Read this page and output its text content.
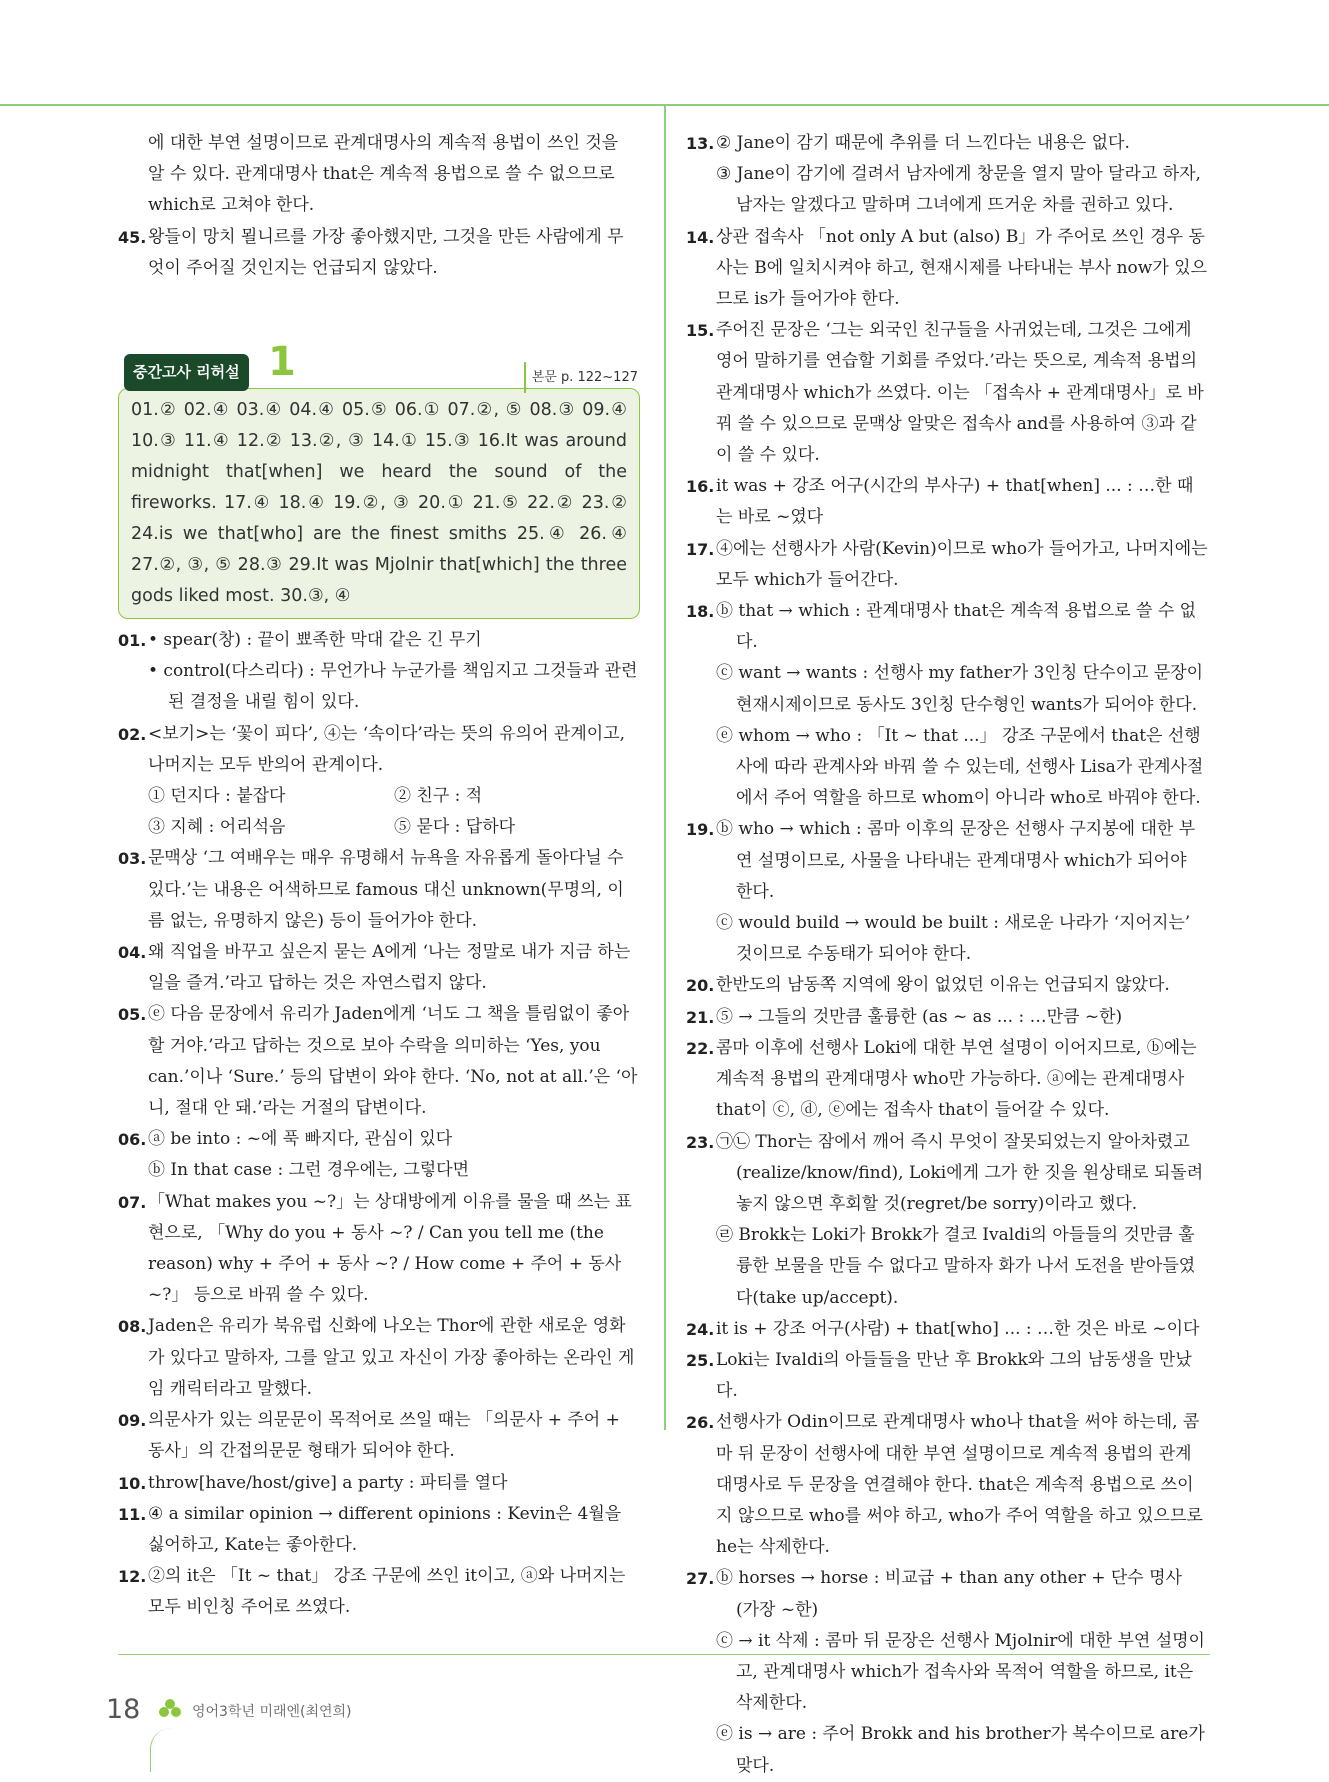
에 대한 부연 설명이므로 관계대명사의 계속적 용법이 쓰인 것을 알 수 있다. 관계대명사 that은 계속적 용법으로 쓸 수 없으므로 which로 고쳐야 한다.
45. 왕들이 망치 묄니르를 가장 좋아했지만, 그것을 만든 사람에게 무엇이 주어질 것인지는 언급되지 않았다.
중간고사 리허설 1	본문 p. 122~127
01.② 02.④ 03.④ 04.④ 05.⑤ 06.① 07.②, ⑤ 08.③ 09.④ 10.③ 11.④ 12.② 13.②, ③ 14.① 15.③ 16.It was around midnight that[when] we heard the sound of the fireworks. 17.④ 18.④ 19.②, ③ 20.① 21.⑤ 22.② 23.② 24.is we that[who] are the finest smiths 25.④ 26.④ 27.②, ③, ⑤ 28.③ 29.It was Mjolnir that[which] the three gods liked most. 30.③, ④
01. • spear(창) : 끝이 뾰족한 막대 같은 긴 무기
• control(다스리다) : 무언가나 누군가를 책임지고 그것들과 관련된 결정을 내릴 힘이 있다.
02. <보기>는 ‘꽃이 피다’, ④는 ‘속이다’라는 뜻의 유의어 관계이고, 나머지는 모두 반의어 관계이다.
① 던지다 : 붙잡다	② 친구 : 적
③ 지혜 : 어리석음	⑤ 묻다 : 답하다
03. 문맥상 ‘그 여배우는 매우 유명해서 뉴욕을 자유롭게 돌아다닐 수 있다.’는 내용은 어색하므로 famous 대신 unknown(무명의, 이름 없는, 유명하지 않은) 등이 들어가야 한다.
04. 왜 직업을 바꾸고 싶은지 묻는 A에게 ‘나는 정말로 내가 지금 하는 일을 즐겨.’라고 답하는 것은 자연스럽지 않다.
05. ⓔ 다음 문장에서 유리가 Jaden에게 ‘너도 그 책을 틀림없이 좋아할 거야.’라고 답하는 것으로 보아 수락을 의미하는 ‘Yes, you can.’이나 ‘Sure.’ 등의 답변이 와야 한다. ‘No, not at all.’은 ‘아니, 절대 안 돼.’라는 거절의 답변이다.
06. ⓐ be into : ~에 푹 빠지다, 관심이 있다
ⓑ In that case : 그런 경우에는, 그렇다면
07. 「What makes you ~?」는 상대방에게 이유를 물을 때 쓰는 표현으로, 「Why do you + 동사 ~? / Can you tell me (the reason) why + 주어 + 동사 ~? / How come + 주어 + 동사 ~?」 등으로 바꿔 쓸 수 있다.
08. Jaden은 유리가 북유럽 신화에 나오는 Thor에 관한 새로운 영화가 있다고 말하자, 그를 알고 있고 자신이 가장 좋아하는 온라인 게임 캐릭터라고 말했다.
09. 의문사가 있는 의문문이 목적어로 쓰일 때는 「의문사 + 주어 + 동사」의 간접의문문 형태가 되어야 한다.
10. throw[have/host/give] a party : 파티를 열다
11. ④ a similar opinion → different opinions : Kevin은 4월을 싫어하고, Kate는 좋아한다.
12. ②의 it은 「It ~ that」 강조 구문에 쓰인 it이고, ⓐ와 나머지는 모두 비인칭 주어로 쓰였다.
13. ② Jane이 감기 때문에 추위를 더 느낀다는 내용은 없다.
③ Jane이 감기에 걸려서 남자에게 창문을 열지 말아 달라고 하자, 남자는 알겠다고 말하며 그녀에게 뜨거운 차를 권하고 있다.
14. 상관 접속사 「not only A but (also) B」가 주어로 쓰인 경우 동사는 B에 일치시켜야 하고, 현재시제를 나타내는 부사 now가 있으므로 is가 들어가야 한다.
15. 주어진 문장은 ‘그는 외국인 친구들을 사귀었는데, 그것은 그에게 영어 말하기를 연습할 기회를 주었다.’라는 뜻으로, 계속적 용법의 관계대명사 which가 쓰였다. 이는 「접속사 + 관계대명사」로 바꿔 쓸 수 있으므로 문맥상 알맞은 접속사 and를 사용하여 ③과 같이 쓸 수 있다.
16. it was + 강조 어구(시간의 부사구) + that[when] ... : …한 때는 바로 ~였다
17. ④에는 선행사가 사람(Kevin)이므로 who가 들어가고, 나머지에는 모두 which가 들어간다.
18. ⓑ that → which : 관계대명사 that은 계속적 용법으로 쓸 수 없다.
ⓒ want → wants : 선행사 my father가 3인칭 단수이고 문장이 현재시제이므로 동사도 3인칭 단수형인 wants가 되어야 한다.
ⓔ whom → who : 「It ~ that ...」 강조 구문에서 that은 선행사에 따라 관계사와 바꿔 쓸 수 있는데, 선행사 Lisa가 관계사절에서 주어 역할을 하므로 whom이 아니라 who로 바꿔야 한다.
19. ⓑ who → which : 콤마 이후의 문장은 선행사 구지봉에 대한 부연 설명이므로, 사물을 나타내는 관계대명사 which가 되어야 한다.
ⓒ would build → would be built : 새로운 나라가 ‘지어지는’ 것이므로 수동태가 되어야 한다.
20. 한반도의 남동쪽 지역에 왕이 없었던 이유는 언급되지 않았다.
21. ⑤ → 그들의 것만큼 훌륭한 (as ~ as ... : …만큼 ~한)
22. 콤마 이후에 선행사 Loki에 대한 부연 설명이 이어지므로, ⓑ에는 계속적 용법의 관계대명사 who만 가능하다. ⓐ에는 관계대명사 that이 ⓒ, ⓓ, ⓔ에는 접속사 that이 들어갈 수 있다.
23. ㉠㉡ Thor는 잠에서 깨어 즉시 무엇이 잘못되었는지 알아차렸고(realize/know/find), Loki에게 그가 한 짓을 원상태로 되돌려 놓지 않으면 후회할 것(regret/be sorry)이라고 했다.
㉣ Brokk는 Loki가 Brokk가 결코 Ivaldi의 아들들의 것만큼 훌륭한 보물을 만들 수 없다고 말하자 화가 나서 도전을 받아들였다(take up/accept).
24. it is + 강조 어구(사람) + that[who] ... : …한 것은 바로 ~이다
25. Loki는 Ivaldi의 아들들을 만난 후 Brokk와 그의 남동생을 만났다.
26. 선행사가 Odin이므로 관계대명사 who나 that을 써야 하는데, 콤마 뒤 문장이 선행사에 대한 부연 설명이므로 계속적 용법의 관계대명사로 두 문장을 연결해야 한다. that은 계속적 용법으로 쓰이지 않으므로 who를 써야 하고, who가 주어 역할을 하고 있으므로 he는 삭제한다.
27. ⓑ horses → horse : 비교급 + than any other + 단수 명사 (가장 ~한)
ⓒ → it 삭제 : 콤마 뒤 문장은 선행사 Mjolnir에 대한 부연 설명이고, 관계대명사 which가 접속사와 목적어 역할을 하므로, it은 삭제한다.
ⓔ is → are : 주어 Brokk and his brother가 복수이므로 are가 맞다.
18	영어3학년 미래엔(최연희)
